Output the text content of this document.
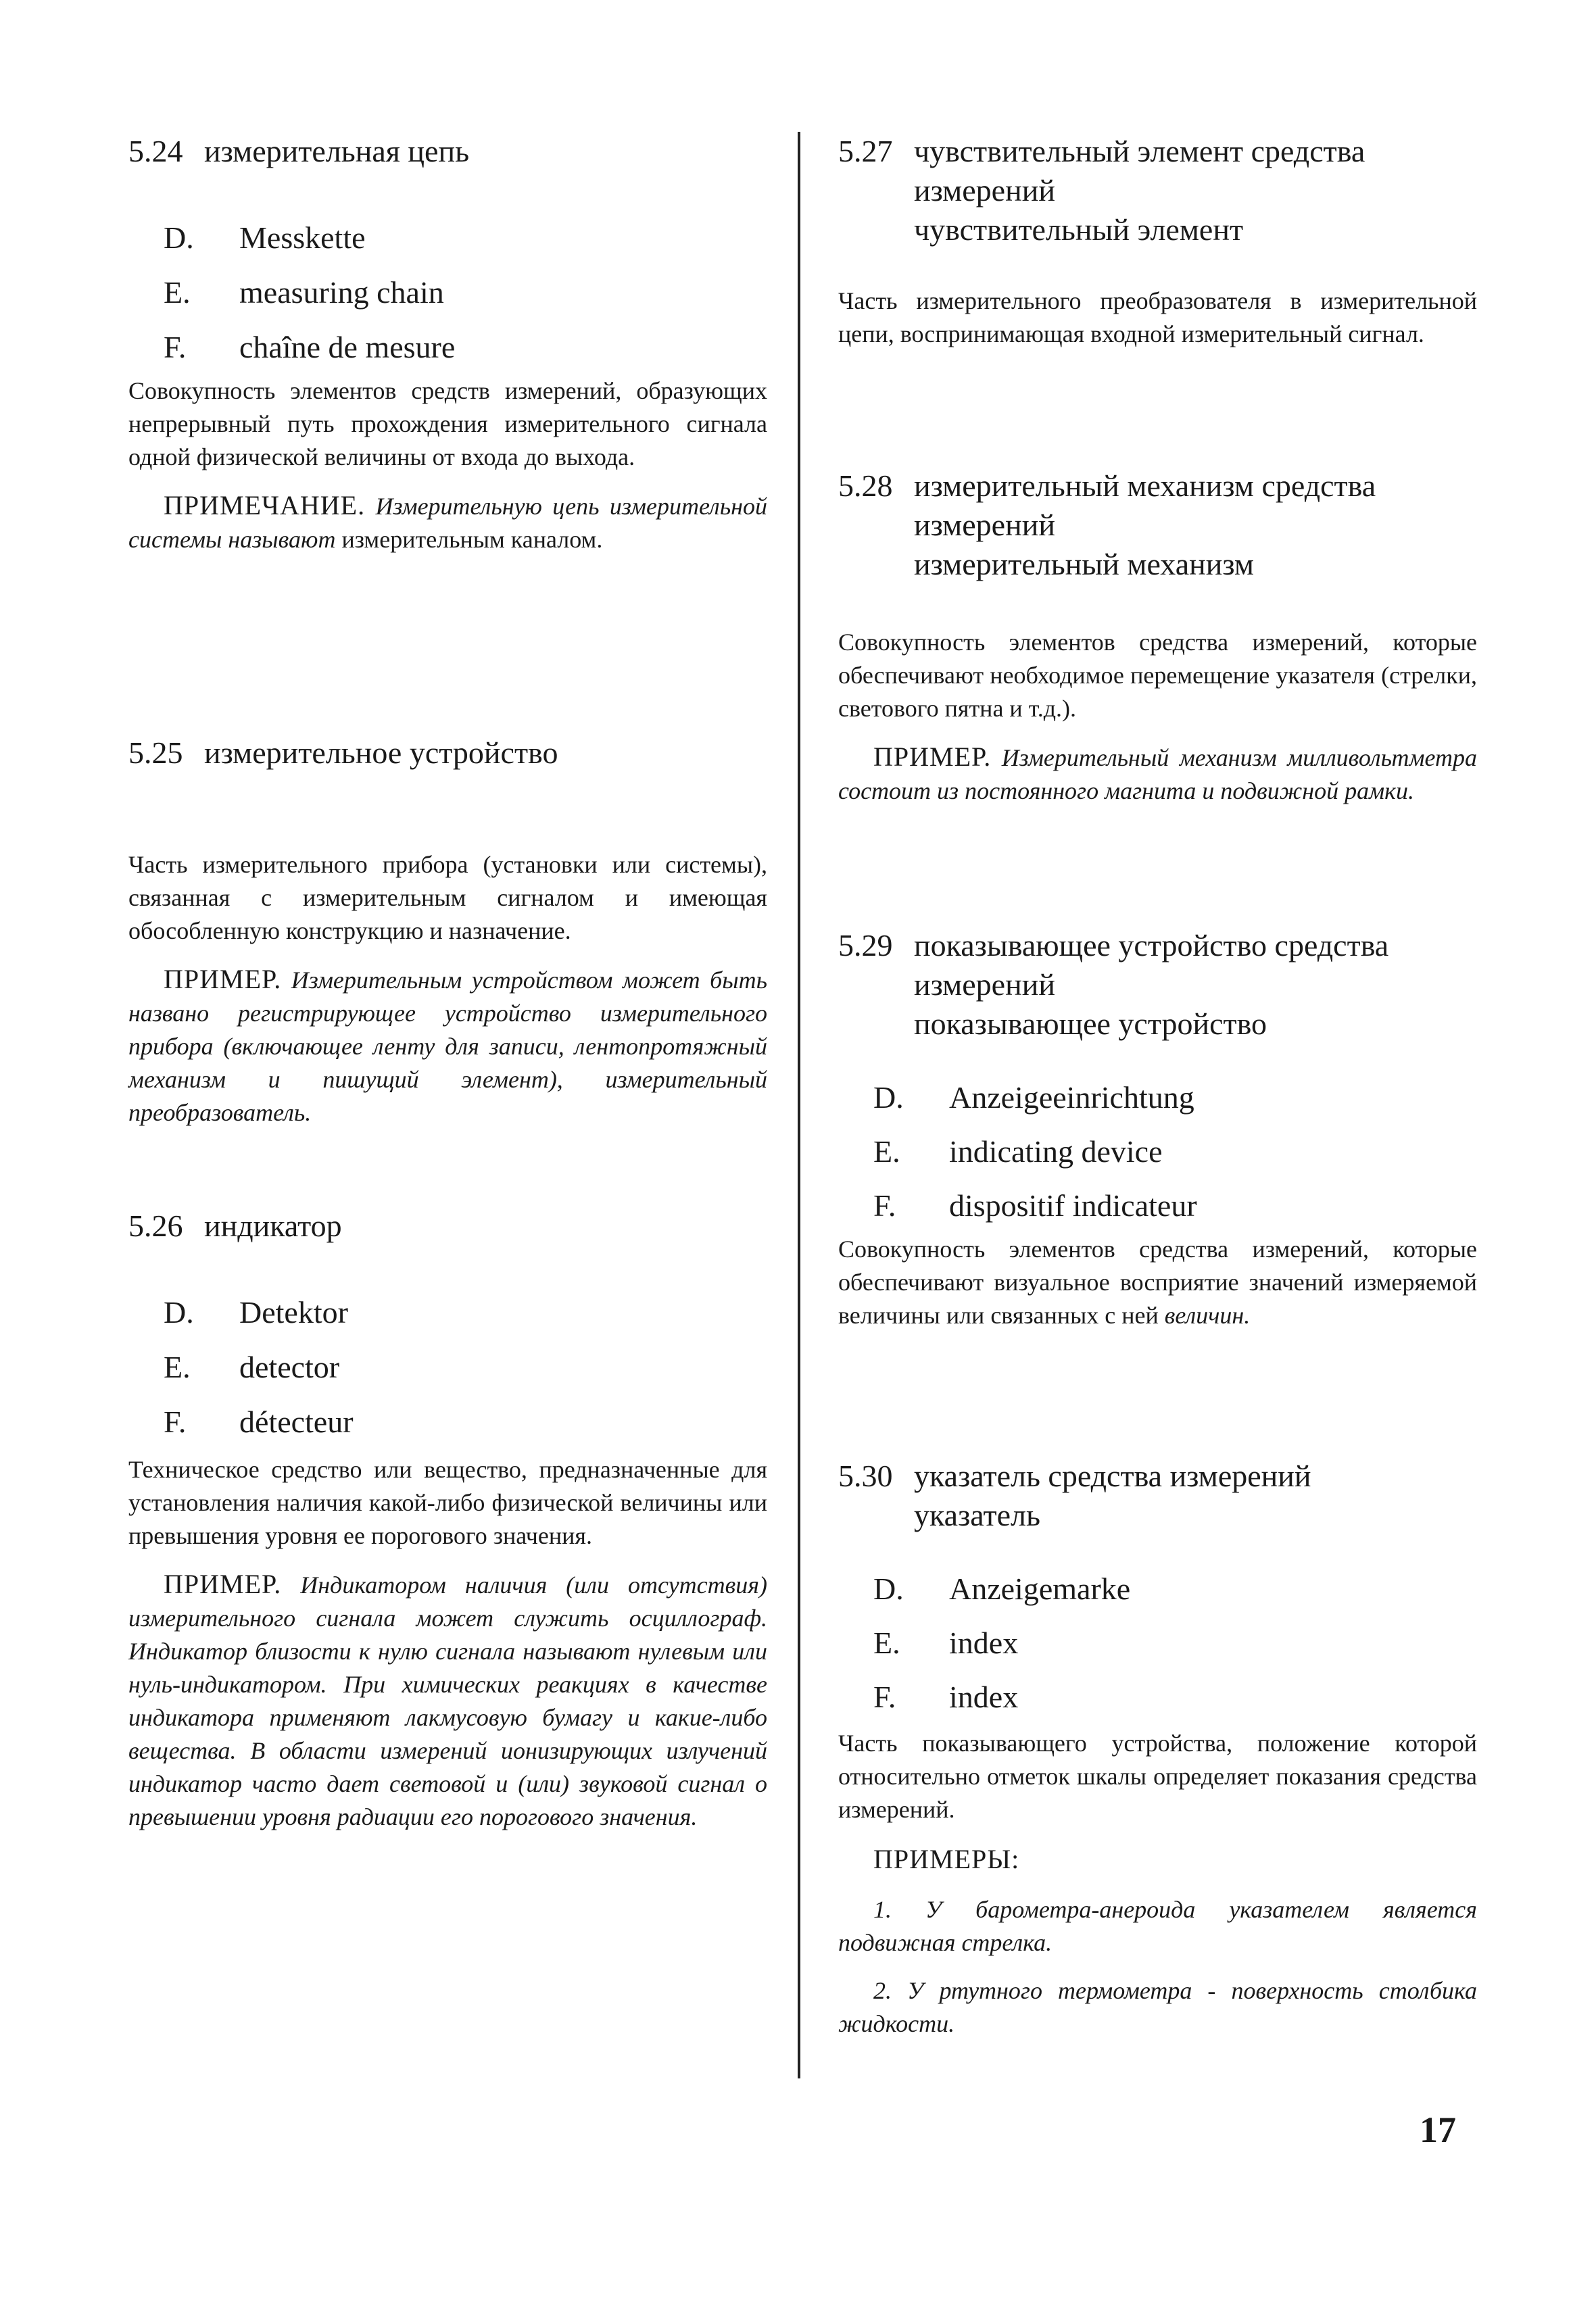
5.24 измерительная цепь
D. Messkette
E. measuring chain
F. chaîne de mesure

Совокупность элементов средств измерений, образующих непрерывный путь прохождения измерительного сигнала одной физической величины от входа до выхода.

ПРИМЕЧАНИЕ. Измерительную цепь измерительной системы называют измерительным каналом.

5.25 измерительное устройство

Часть измерительного прибора (установки или системы), связанная с измерительным сигналом и имеющая обособленную конструкцию и назначение.

ПРИМЕР. Измерительным устройством может быть названо регистрирующее устройство измерительного прибора (включающее ленту для записи, лентопротяжный механизм и пишущий элемент), измерительный преобразователь.

5.26 индикатор
D. Detektor
E. detector
F. détecteur

Техническое средство или вещество, предназначенные для установления наличия какой-либо физической величины или превышения уровня ее порогового значения.

ПРИМЕР. Индикатором наличия (или отсутствия) измерительного сигнала может служить осциллограф. Индикатор близости к нулю сигнала называют нулевым или нуль-индикатором. При химических реакциях в качестве индикатора применяют лакмусовую бумагу и какие-либо вещества. В области измерений ионизирующих излучений индикатор часто дает световой и (или) звуковой сигнал о превышении уровня радиации его порогового значения.

5.27 чувствительный элемент средства
измерений
чувствительный элемент

Часть измерительного преобразователя в измерительной цепи, воспринимающая входной измерительный сигнал.

5.28 измерительный механизм средства
измерений
измерительный механизм

Совокупность элементов средства измерений, которые обеспечивают необходимое перемещение указателя (стрелки, светового пятна и т.д.).

ПРИМЕР. Измерительный механизм милливольтметра состоит из постоянного магнита и подвижной рамки.

5.29 показывающее устройство средства
измерений
показывающее устройство
D. Anzeigeeinrichtung
E. indicating device
F. dispositif indicateur

Совокупность элементов средства измерений, которые обеспечивают визуальное восприятие значений измеряемой величины или связанных с ней величин.

5.30 указатель средства измерений
указатель
D. Anzeigemarke
E. index
F. index

Часть показывающего устройства, положение которой относительно отметок шкалы определяет показания средства измерений.

ПРИМЕРЫ:

1. У барометра-анероида указателем является подвижная стрелка.

2. У ртутного термометра - поверхность столбика жидкости.

17
